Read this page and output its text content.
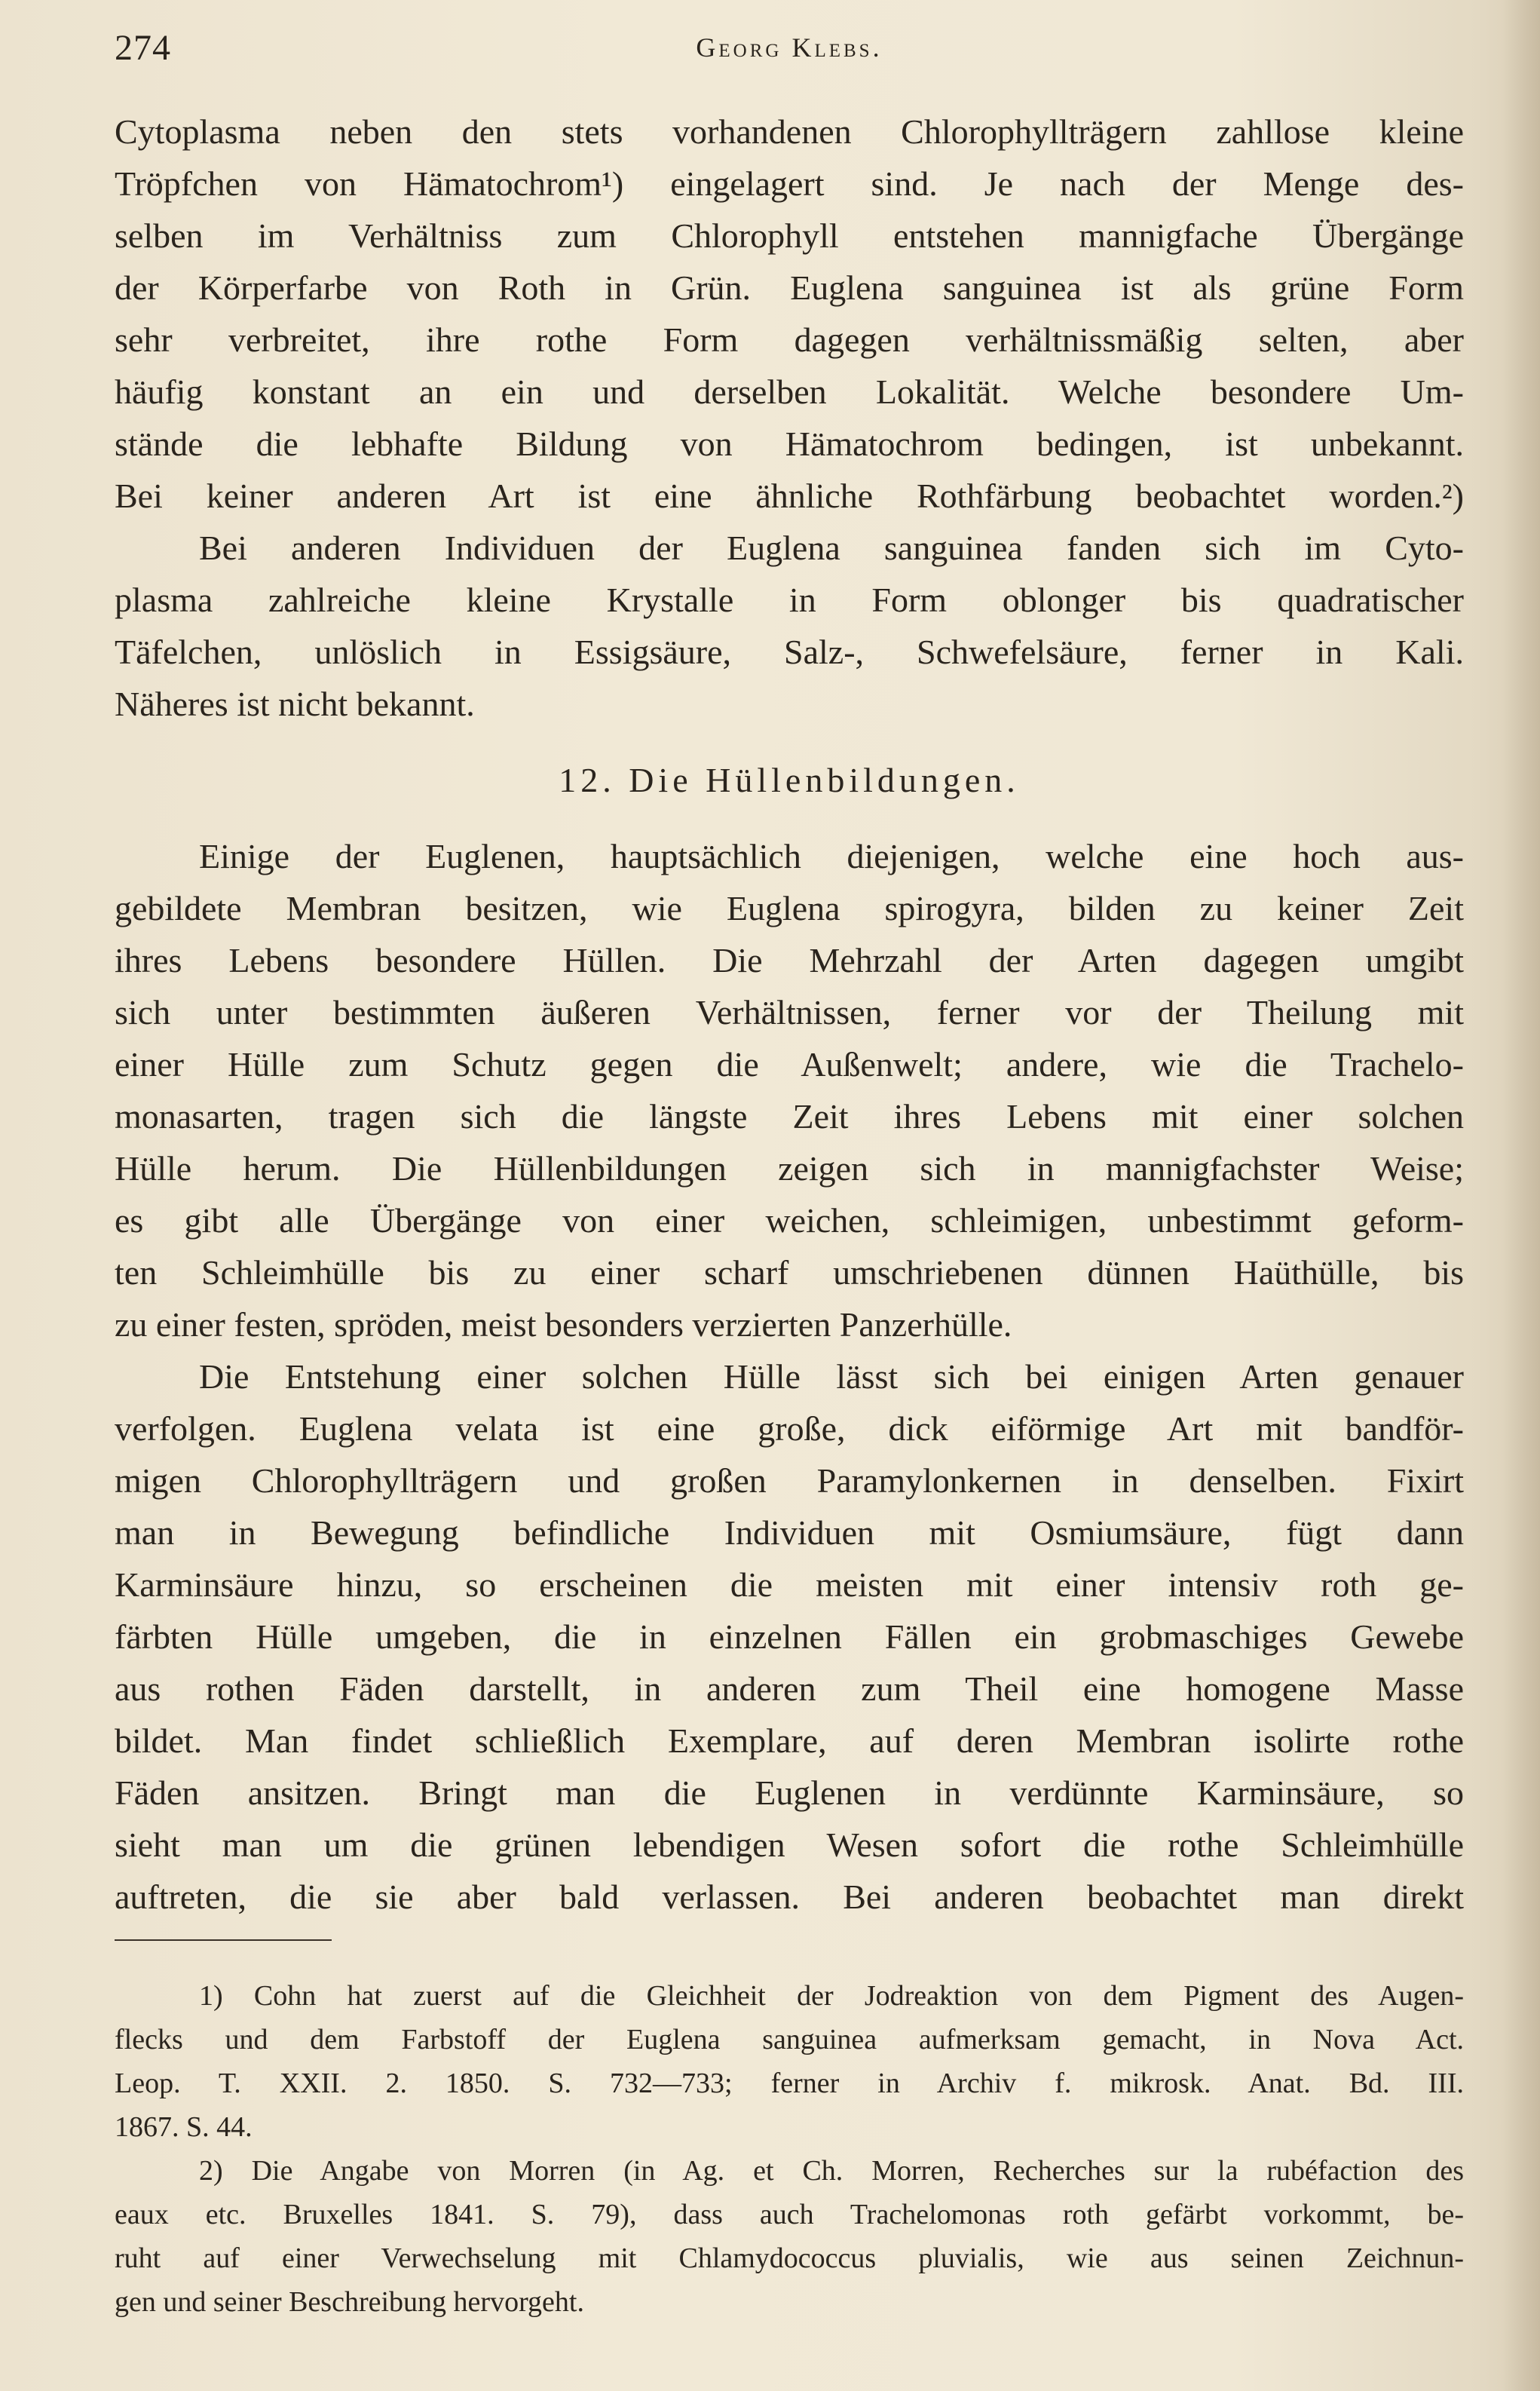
274	Georg Klebs.
Cytoplasma neben den stets vorhandenen Chlorophyllträgern zahllose kleine
Tröpfchen von Hämatochrom¹) eingelagert sind. Je nach der Menge des-
selben im Verhältniss zum Chlorophyll entstehen mannigfache Übergänge
der Körperfarbe von Roth in Grün. Euglena sanguinea ist als grüne Form
sehr verbreitet, ihre rothe Form dagegen verhältnissmäßig selten, aber
häufig konstant an ein und derselben Lokalität. Welche besondere Um-
stände die lebhafte Bildung von Hämatochrom bedingen, ist unbekannt.
Bei keiner anderen Art ist eine ähnliche Rothfärbung beobachtet worden.²)
Bei anderen Individuen der Euglena sanguinea fanden sich im Cyto-
plasma zahlreiche kleine Krystalle in Form oblonger bis quadratischer
Täfelchen, unlöslich in Essigsäure, Salz-, Schwefelsäure, ferner in Kali.
Näheres ist nicht bekannt.
12. Die Hüllenbildungen.
Einige der Euglenen, hauptsächlich diejenigen, welche eine hoch aus-
gebildete Membran besitzen, wie Euglena spirogyra, bilden zu keiner Zeit
ihres Lebens besondere Hüllen. Die Mehrzahl der Arten dagegen umgibt
sich unter bestimmten äußeren Verhältnissen, ferner vor der Theilung mit
einer Hülle zum Schutz gegen die Außenwelt; andere, wie die Trachelo-
monasarten, tragen sich die längste Zeit ihres Lebens mit einer solchen
Hülle herum. Die Hüllenbildungen zeigen sich in mannigfachster Weise;
es gibt alle Übergänge von einer weichen, schleimigen, unbestimmt geform-
ten Schleimhülle bis zu einer scharf umschriebenen dünnen Haüthülle, bis
zu einer festen, spröden, meist besonders verzierten Panzerhülle.
Die Entstehung einer solchen Hülle lässt sich bei einigen Arten genauer
verfolgen. Euglena velata ist eine große, dick eiförmige Art mit bandför-
migen Chlorophyllträgern und großen Paramylonkernen in denselben. Fixirt
man in Bewegung befindliche Individuen mit Osmiumsäure, fügt dann
Karminsäure hinzu, so erscheinen die meisten mit einer intensiv roth ge-
färbten Hülle umgeben, die in einzelnen Fällen ein grobmaschiges Gewebe
aus rothen Fäden darstellt, in anderen zum Theil eine homogene Masse
bildet. Man findet schließlich Exemplare, auf deren Membran isolirte rothe
Fäden ansitzen. Bringt man die Euglenen in verdünnte Karminsäure, so
sieht man um die grünen lebendigen Wesen sofort die rothe Schleimhülle
auftreten, die sie aber bald verlassen. Bei anderen beobachtet man direkt
1) Cohn hat zuerst auf die Gleichheit der Jodreaktion von dem Pigment des Augen-
flecks und dem Farbstoff der Euglena sanguinea aufmerksam gemacht, in Nova Act.
Leop. T. XXII. 2. 1850. S. 732—733; ferner in Archiv f. mikrosk. Anat. Bd. III.
1867. S. 44.
2) Die Angabe von Morren (in Ag. et Ch. Morren, Recherches sur la rubéfaction des
eaux etc. Bruxelles 1841. S. 79), dass auch Trachelomonas roth gefärbt vorkommt, be-
ruht auf einer Verwechselung mit Chlamydococcus pluvialis, wie aus seinen Zeichnun-
gen und seiner Beschreibung hervorgeht.
